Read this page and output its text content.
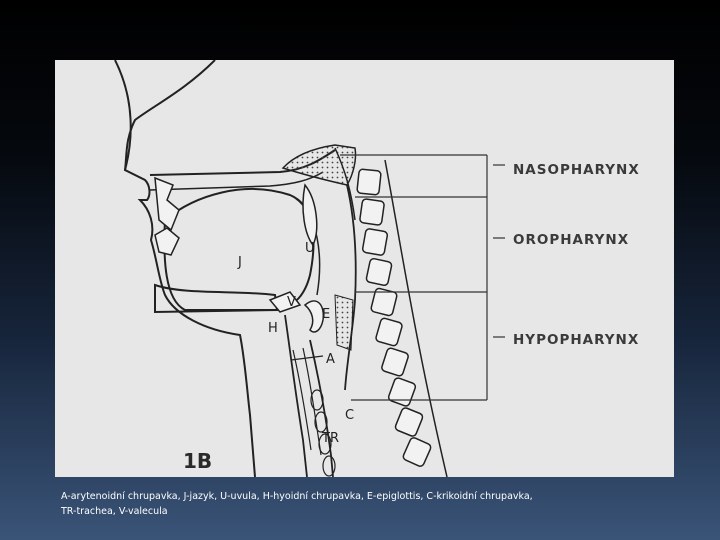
NASOPHARYNX
OROPHARYNX
HYPOPHARYNX
J
U
V
H
E
A
C
TR
1B
A-arytenoidní chrupavka, J-jazyk, U-uvula, H-hyoidní chrupavka, E-epiglottis, C-krikoidní chrupavka,
TR-trachea, V-valecula
